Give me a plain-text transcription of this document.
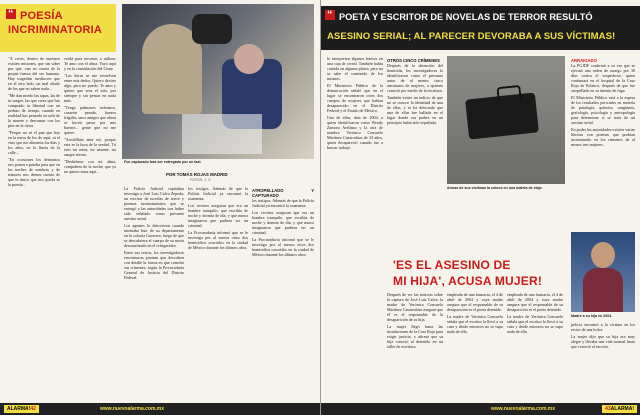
“ POESÍA
INCRIMINATORIA

"A veces, dentro de nuestros existen misiones, que sin saber por qué, van en contra de la propia fuerza del ser humano. Hay tragedias mediocres que en el otro lado, un mal aliado de los que no saben nada...

"Me dan miedo las tapas, las de tu sangre, las que crees que has comprado tu libertad con un pedazo de tiempo, cuando en realidad has pensado en salir de la muerte y descansar con los pies en la tierra.

"Perque no sé el pan que hay en la mesa de los de aquí, ni el vino que me alimenta los días y los años, en la lluvia de la calle...

"En ocasiones los demonios nos ponen a prueba para que en las noches de sombras y de temores nos demos cuenta de que lo único que nos queda es la poesía...

verdá para nosotras a utilizar. Te amo con el alma. Yayo aquí y en la constelación del Cisne.

"Las letras se me revuelven entre mis dedos. Quiero decirte algo, pero no puedo. Te amo y quiero que seas el mío, por siempre y sin pensar en nada más.

"Tengo pulmones enfermos, corazón pesado, huesos frágiles, unos amigos que ahora se hacen pasar por mis buenos... gente que no me quiere.

"Arrodíllate ante mí, porque esta es la hora de la verdad. Tú eres mi reina, mi amante, mi sangre eterna.

"Deshiérme con mi alma, compañera de la noche, que ya no quiero estar aquí...

Fue capturado tras ser entregado por un taxi.
POR TOMÁS ROJAS MADRID
FOTOS: J. V.

La Policía Judicial capitalina investiga a José Luis Calva Zepeda, un escritor de novelas de terror y poemas incriminatorios que se entregó a las autoridades tras haber sido señalado como presunto asesino serial.

Los agentes lo detuvieron cuando intentaba huir de su departamento en la colonia Guerrero, luego de que se descubriera el cuerpo de su novia descuartizado en el refrigerador.

Entre sus textos, los investigadores encontraron poemas que describen con detalle la forma en que cometía sus crímenes, según la Procuraduría General de Justicia del Distrito Federal.

los testigos. Además de que la Policía Judicial ya encontró la osamenta.

Los vecinos aseguran que era un hombre tranquilo, que escribía de noche y dormía de día, y que nunca imaginaron que pudiera ser un criminal.

La Procuraduría informó que se le investiga por al menos otros dos homicidios ocurridos en la ciudad de México durante los últimos años.

ATROPELLADO Y CAPTURADO

los testigos. Además de que la Policía Judicial ya encontró la osamenta.

Los vecinos aseguran que era un hombre tranquilo, que escribía de noche y dormía de día, y que nunca imaginaron que pudiera ser un criminal.

La Procuraduría informó que se le investiga por al menos otros dos homicidios ocurridos en la ciudad de México durante los últimos años.

ALARMA!42	www.nuevoalarma.com.mx
“ POETA Y ESCRITOR DE NOVELAS DE TERROR RESULTÓ
ASESINO SERIAL; AL PARECER DEVORABA A SUS VÍCTIMAS!

lo interpreten algunos huesos en una caja de cereal. También había comida en algunas platos, pero no se sabe el contenido de los mismos.

El Ministerio Público de la demarcación señaló que en el lugar se encontraron otros dos cuerpos de mujeres que habían desaparecido en el Distrito Federal y el Estado de México.

Una de ellas, data de 2004, a quien identificaron como Wendy Zamora Arellano y la otra de nombre Verónica Consuelo Martínez Casarrubias de 32 años, quien desapareció cuando fue a buscar trabajo.

OTROS CINCO CRÍMENES

Después de la detención del homicida, los investigadores lo identificaron como el presunto autor de al menos cinco asesinatos de mujeres, a quienes conoció por medio de la escritura.

También existe un indicio de que no se conoce la identidad de una de ellas, y se ha detectado que una de ellas fue hallada en el lugar donde sus padres en un principio había sido sepultada.

Armas de sus víctimas la colocó en una maleta de viaje.
ARRAIGADO

La PGJDF confirmó a su vez que se ejecutó una orden de arraigo por 30 días contra el sospechoso, quien continuará en el hospital de la Cruz Roja de Polanco, después de que fue atropellado en su intento de fuga.

El Ministerio Público está a la espera de los resultados periciales en materia de patología, química, sangüinea, grafología, psicología y antropología para determinar si se trata de un asesino serial.

En poder las autoridades existen varias libretas con poemas que podrían incriminarlo en los crímenes de al menos tres mujeres.

'ES EL ASESINO DE
MI HIJA', ACUSA MUJER!

Después de ver las noticias sobre la captura de José Luis Calva, la madre de Verónica Consuelo Martínez Casarrubias aseguró que él es el responsable de la desaparición de su hija.

La mujer llegó hasta las instalaciones de la Cruz Roja para exigir justicia, y afirmó que su hija conoció al detenido en un taller de escritura.

empleada de una farmacia, el 4 de abril de 2004 y cuya madre asegura que el responsable de su desaparición es el poeta detenido.

La madre de Verónica Consuelo señala que el escritor la llevó a su casa y desde entonces no se supo nada de ella.

empleada de una farmacia, el 4 de abril de 2004 y cuya madre asegura que el responsable de su desaparición es el poeta detenido.

La madre de Verónica Consuelo señala que el escritor la llevó a su casa y desde entonces no se supo nada de ella.

Madre a su hija en 2004.

policía encontró a la víctima en los restos de una bolsa.

La mujer dijo que su hija era muy alegre y llevaba una vida normal hasta que conoció al escritor.

www.nuevoalarma.com.mx	43ALARMA!
